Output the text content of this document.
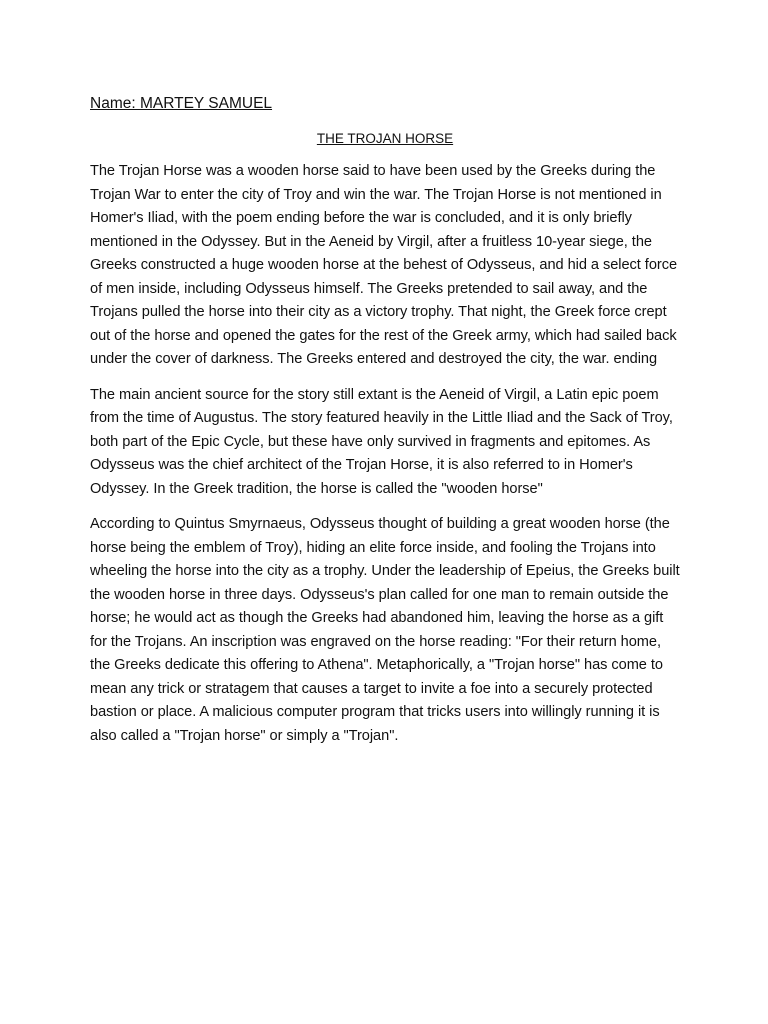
Name: MARTEY SAMUEL
THE TROJAN HORSE

The Trojan Horse was a wooden horse said to have been used by the Greeks during the Trojan War to enter the city of Troy and win the war. The Trojan Horse is not mentioned in Homer's Iliad, with the poem ending before the war is concluded, and it is only briefly mentioned in the Odyssey. But in the Aeneid by Virgil, after a fruitless 10-year siege, the Greeks constructed a huge wooden horse at the behest of Odysseus, and hid a select force of men inside, including Odysseus himself. The Greeks pretended to sail away, and the Trojans pulled the horse into their city as a victory trophy. That night, the Greek force crept out of the horse and opened the gates for the rest of the Greek army, which had sailed back under the cover of darkness. The Greeks entered and destroyed the city, the war. ending

The main ancient source for the story still extant is the Aeneid of Virgil, a Latin epic poem from the time of Augustus. The story featured heavily in the Little Iliad and the Sack of Troy, both part of the Epic Cycle, but these have only survived in fragments and epitomes. As Odysseus was the chief architect of the Trojan Horse, it is also referred to in Homer's Odyssey. In the Greek tradition, the horse is called the "wooden horse"

According to Quintus Smyrnaeus, Odysseus thought of building a great wooden horse (the horse being the emblem of Troy), hiding an elite force inside, and fooling the Trojans into wheeling the horse into the city as a trophy. Under the leadership of Epeius, the Greeks built the wooden horse in three days. Odysseus's plan called for one man to remain outside the horse; he would act as though the Greeks had abandoned him, leaving the horse as a gift for the Trojans. An inscription was engraved on the horse reading: "For their return home, the Greeks dedicate this offering to Athena". Metaphorically, a "Trojan horse" has come to mean any trick or stratagem that causes a target to invite a foe into a securely protected bastion or place. A malicious computer program that tricks users into willingly running it is also called a "Trojan horse" or simply a "Trojan".
